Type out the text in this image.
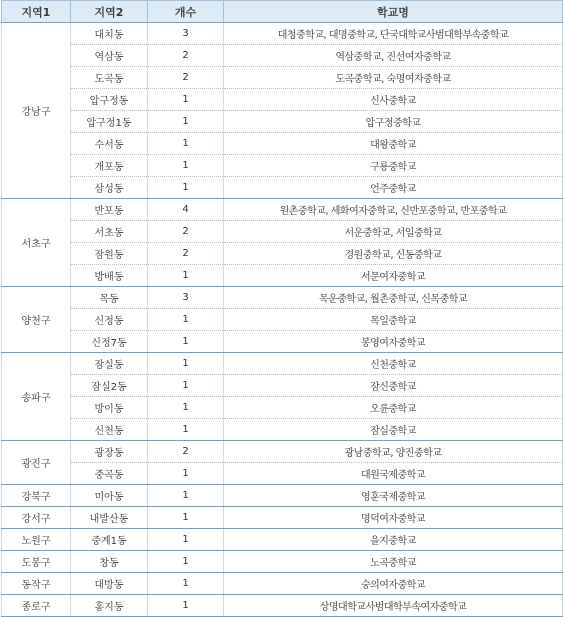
지역1	지역2	개수	학교명
강남구	대치동	3	대청중학교, 대명중학교, 단국대학교사범대학부속중학교
	역삼동	2	역삼중학교, 진선여자중학교
	도곡동	2	도곡중학교, 숙명여자중학교
	압구정동	1	신사중학교
	압구정1동	1	압구정중학교
	수서동	1	대왕중학교
	개포동	1	구룡중학교
	삼성동	1	언주중학교
서초구	반포동	4	원촌중학교, 세화여자중학교, 신반포중학교, 반포중학교
	서초동	2	서운중학교, 서일중학교
	잠원동	2	경원중학교, 신동중학교
	방배동	1	서문여자중학교
양천구	목동	3	목운중학교, 월촌중학교, 신목중학교
	신정동	1	목일중학교
	신정7동	1	봉영여자중학교
송파구	잠실동	1	신천중학교
	잠실2동	1	잠신중학교
	방이동	1	오륜중학교
	신천동	1	잠실중학교
광진구	광장동	2	광남중학교, 양진중학교
	중곡동	1	대원국제중학교
강북구	미아동	1	영훈국제중학교
강서구	내발산동	1	명덕여자중학교
노원구	중계1동	1	을지중학교
도봉구	창동	1	노곡중학교
동작구	대방동	1	숭의여자중학교
종로구	홍지동	1	상명대학교사범대학부속여자중학교
